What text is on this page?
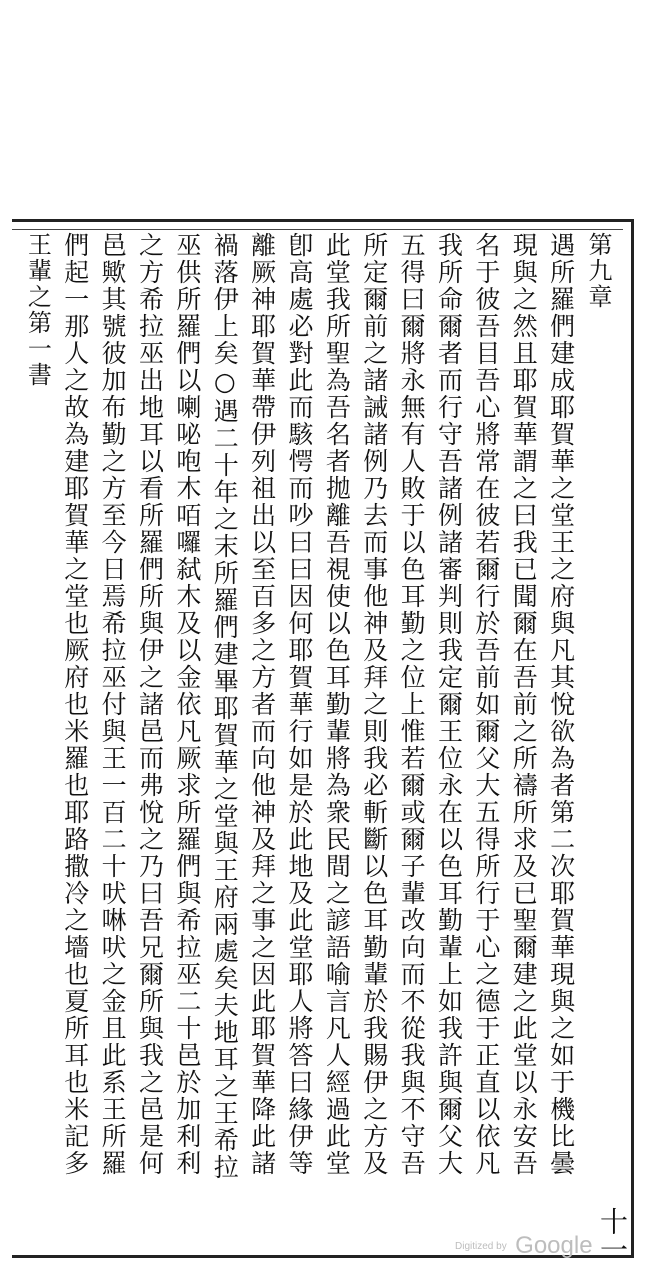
第九章
遇所羅們建成耶賀華之堂王之府與凡其悅欲為者第二次耶賀華現與之如于機比曇
現與之然且耶賀華謂之曰我已聞爾在吾前之所禱所求及已聖爾建之此堂以永安吾
名于彼吾目吾心將常在彼若爾行於吾前如爾父大五得所行于心之德于正直以依凡
我所命爾者而行守吾諸例諸審判則我定爾王位永在以色耳勤輩上如我許與爾父大
五得曰爾將永無有人敗于以色耳勤之位上惟若爾或爾子輩改向而不從我與不守吾
所定爾前之諸誡諸例乃去而事他神及拜之則我必斬斷以色耳勤輩於我賜伊之方及
此堂我所聖為吾名者拋離吾視使以色耳勤輩將為衆民間之諺語喻言凡人經過此堂
卽高處必對此而駭愕而吵曰曰因何耶賀華行如是於此地及此堂耶人將答曰緣伊等
離厥神耶賀華帶伊列祖出以至百多之方者而向他神及拜之事之因此耶賀華降此諸
禍落伊上矣○遇二十年之末所羅們建畢耶賀華之堂與王府兩處矣夫地耳之王希拉
巫供所羅們以喇咇咆木咟囉弑木及以金依凡厥求所羅們與希拉巫二十邑於加利利
之方希拉巫出地耳以看所羅們所與伊之諸邑而弗悅之乃曰吾兄爾所與我之邑是何
邑歟其號彼加布勤之方至今日焉希拉巫付與王一百二十吠啉吠之金且此系王所羅
們起一那人之故為建耶賀華之堂也厥府也米羅也耶路撒冷之墻也夏所耳也米記多
王輩之第一書
十一
Digitized by Google
